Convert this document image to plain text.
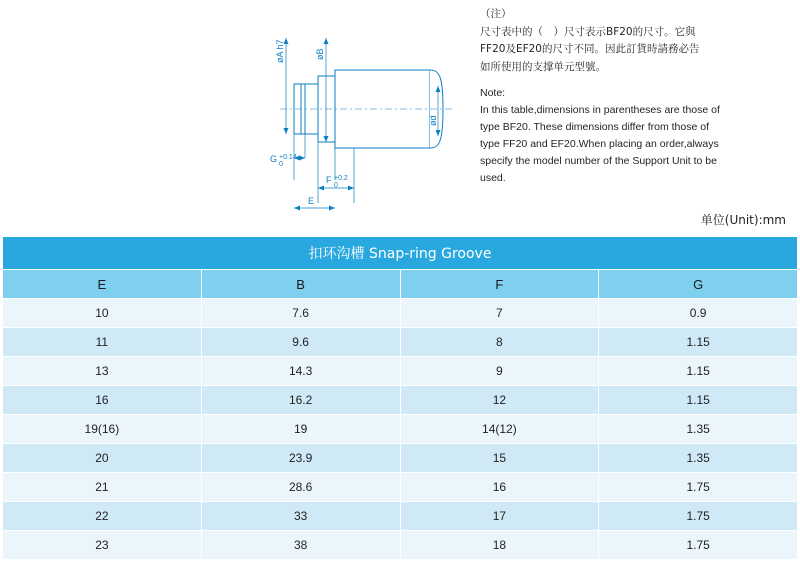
øA h7	øB
ød
G +0.14
0
F +0.2
0
E
（注）
尺寸表中的（　）尺寸表示BF20的尺寸。它與
FF20及EF20的尺寸不同。因此訂貨時請務必告
如所使用的支撑单元型號。
Note:
In this table,dimensions in parentheses are those of
type BF20. These dimensions differ from those of
type FF20 and EF20.When placing an order,always
specify the model number of the Support Unit to be
used.
单位(Unit):mm
扣环沟槽 Snap-ring Groove			
E	B	F	G
10	7.6	7	0.9
11	9.6	8	1.15
13	14.3	9	1.15
16	16.2	12	1.15
19(16)	19	14(12)	1.35
20	23.9	15	1.35
21	28.6	16	1.75
22	33	17	1.75
23	38	18	1.75
